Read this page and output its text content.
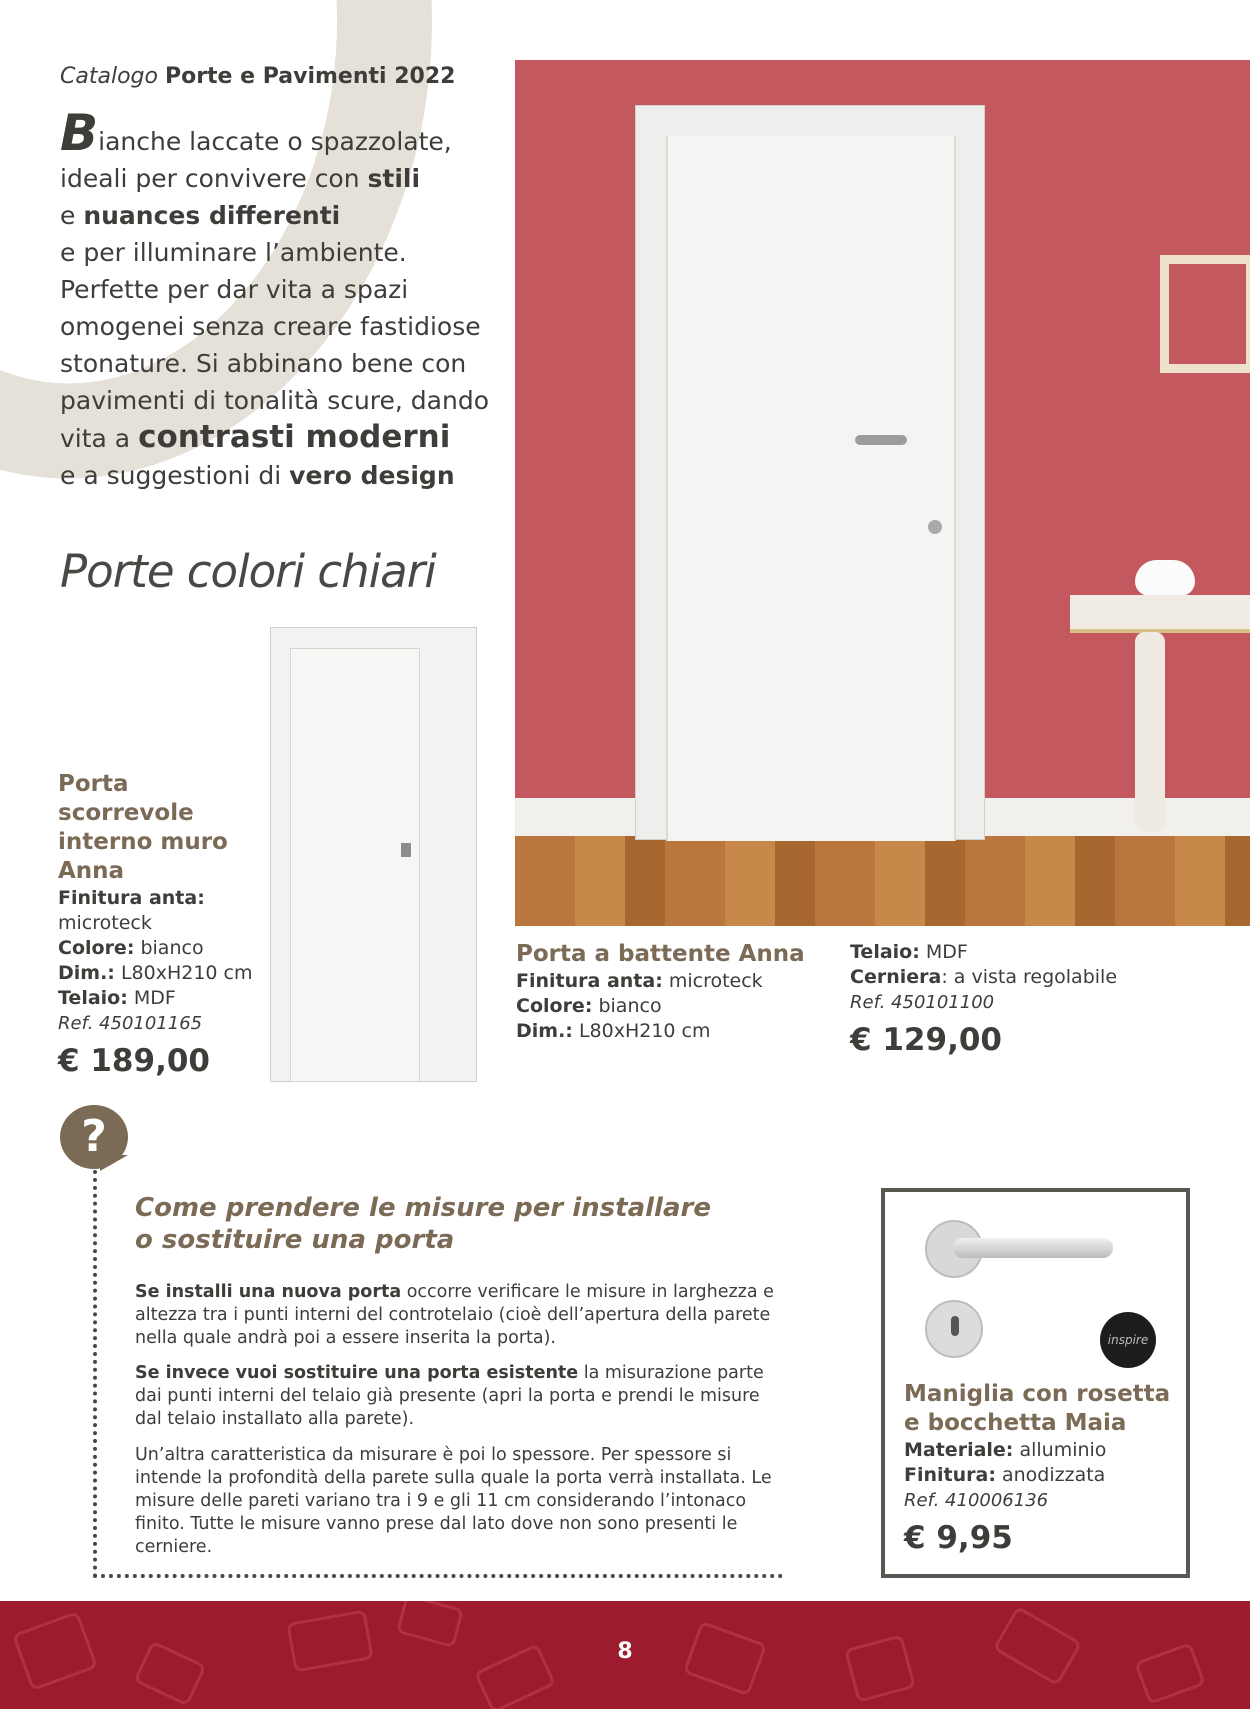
Catalogo Porte e Pavimenti 2022
Bianche laccate o spazzolate,
ideali per convivere con stili
e nuances differenti
e per illuminare l’ambiente.
Perfette per dar vita a spazi
omogenei senza creare fastidiose
stonature. Si abbinano bene con
pavimenti di tonalità scure, dando
vita a contrasti moderni
e a suggestioni di vero design
Porte colori chiari
Porta
scorrevole
interno muro
Anna
Finitura anta:
microteck
Colore: bianco
Dim.: L80xH210 cm
Telaio: MDF
Ref. 450101165
€ 189,00
Porta a battente Anna
Finitura anta: microteck
Colore: bianco
Dim.: L80xH210 cm
Telaio: MDF
Cerniera: a vista regolabile
Ref. 450101100
€ 129,00
?
Come prendere le misure per installare
o sostituire una porta
Se installi una nuova porta occorre verificare le misure in larghezza e altezza tra i punti interni del controtelaio (cioè dell’apertura della parete nella quale andrà poi a essere inserita la porta).
Se invece vuoi sostituire una porta esistente la misurazione parte dai punti interni del telaio già presente (apri la porta e prendi le misure dal telaio installato alla parete).
Un’altra caratteristica da misurare è poi lo spessore. Per spessore si intende la profondità della parete sulla quale la porta verrà installata. Le misure delle pareti variano tra i 9 e gli 11 cm considerando l’intonaco finito. Tutte le misure vanno prese dal lato dove non sono presenti le cerniere.
inspire
Maniglia con rosetta
e bocchetta Maia
Materiale: alluminio
Finitura: anodizzata
Ref. 410006136
€ 9,95
8
